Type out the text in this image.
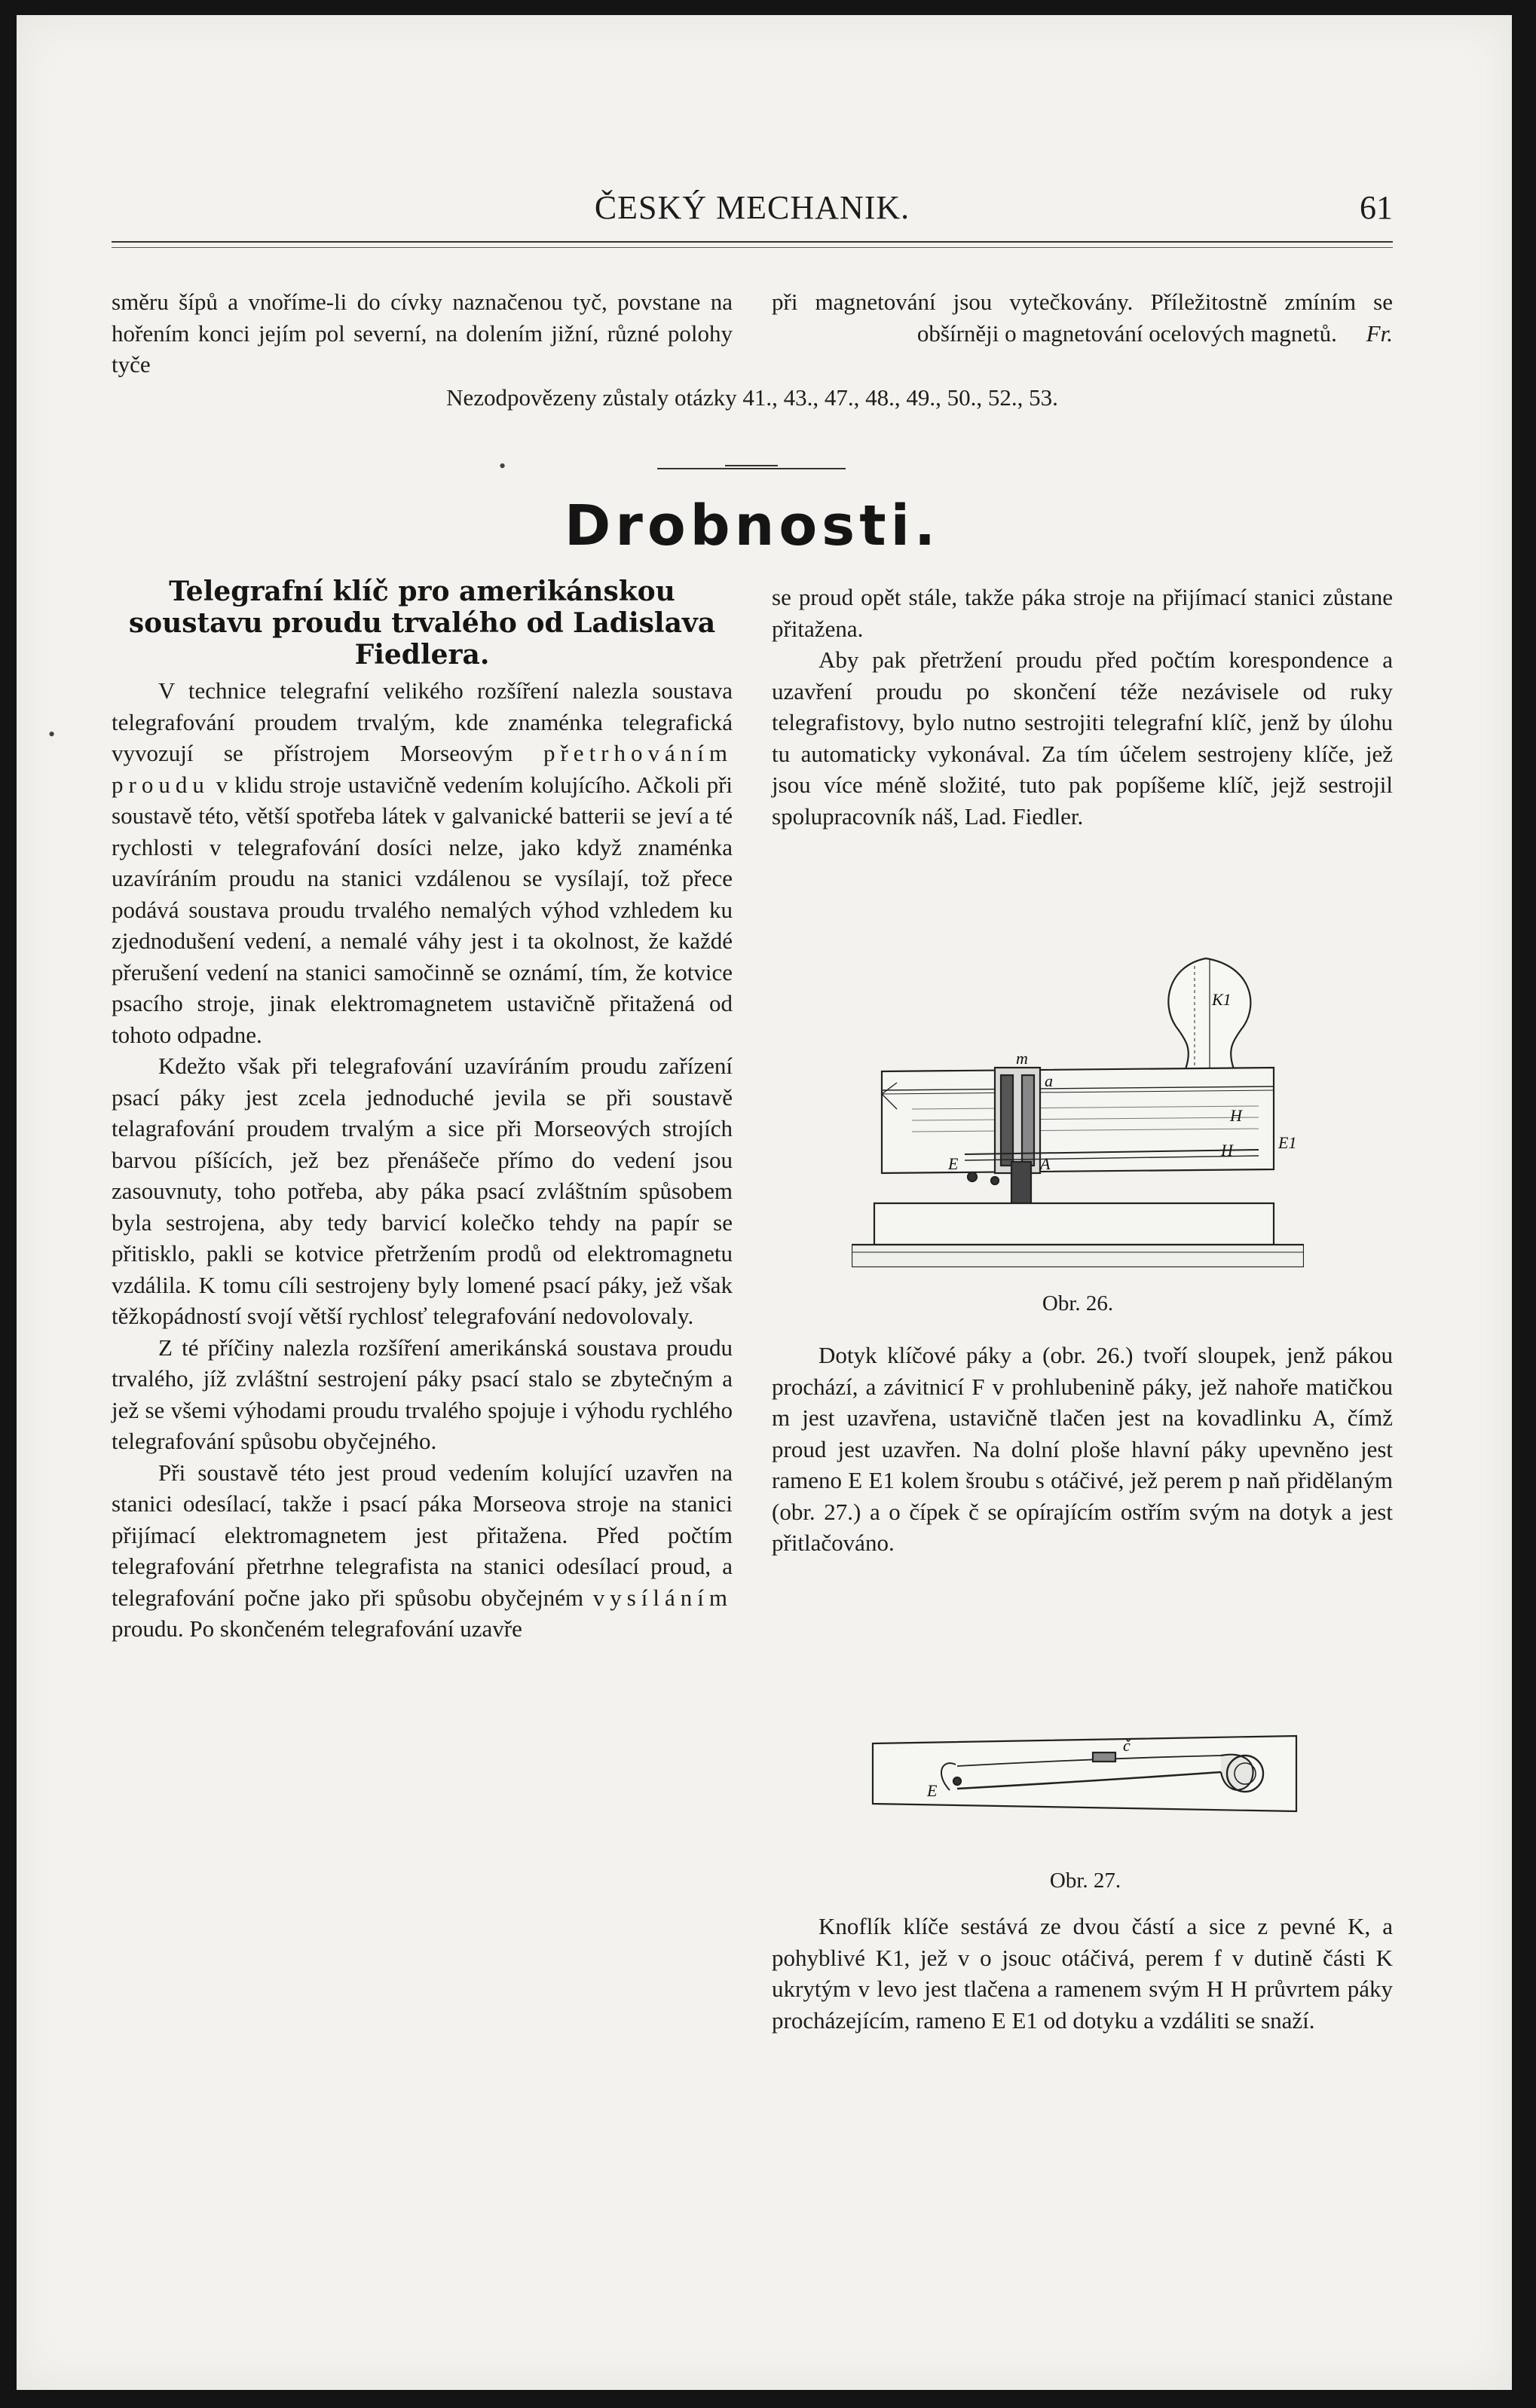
ČESKÝ MECHANIK.	61

směru šípů a vnoříme-li do cívky naznačenou tyč, povstane na hořením konci jejím pol severní, na dolením jižní, různé polohy tyče

při magnetování jsou vytečkovány. Příležitostně zmíním se obšírněji o magnetování ocelových magnetů. Fr.

Nezodpovězeny zůstaly otázky 41., 43., 47., 48., 49., 50., 52., 53.
Drobnosti.
Telegrafní klíč pro amerikánskou soustavu proudu trvalého od Ladislava Fiedlera.

V technice telegrafní velikého rozšíření nalezla soustava telegrafování proudem trvalým, kde znaménka telegrafická vyvozují se přístrojem Morseovým přetrhováním proudu v klidu stroje ustavičně vedením kolujícího. Ačkoli při soustavě této, větší spotřeba látek v galvanické batterii se jeví a té rychlosti v telegrafování dosíci nelze, jako když znaménka uzavíráním proudu na stanici vzdálenou se vysílají, tož přece podává soustava proudu trvalého nemalých výhod vzhledem ku zjednodušení vedení, a nemalé váhy jest i ta okolnost, že každé přerušení vedení na stanici samočinně se oznámí, tím, že kotvice psacího stroje, jinak elektromagnetem ustavičně přitažená od tohoto odpadne.

Kdežto však při telegrafování uzavíráním proudu zařízení psací páky jest zcela jednoduché jevila se při soustavě telagrafování proudem trvalým a sice při Morseových strojích barvou píšících, jež bez přenášeče přímo do vedení jsou zasouvnuty, toho potřeba, aby páka psací zvláštním spůsobem byla sestrojena, aby tedy barvicí kolečko tehdy na papír se přitisklo, pakli se kotvice přetržením prodů od elektromagnetu vzdálila. K tomu cíli sestrojeny byly lomené psací páky, jež však těžkopádností svojí větší rychlosť telegrafování nedovolovaly.

Z té příčiny nalezla rozšíření amerikánská soustava proudu trvalého, jíž zvláštní sestrojení páky psací stalo se zbytečným a jež se všemi výhodami proudu trvalého spojuje i výhodu rychlého telegrafování spůsobu obyčejného.

Při soustavě této jest proud vedením kolující uzavřen na stanici odesílací, takže i psací páka Morseova stroje na stanici přijímací elektromagnetem jest přitažena. Před počtím telegrafování přetrhne telegrafista na stanici odesílací proud, a telegrafování počne jako při spůsobu obyčejném vysíláním proudu. Po skončeném telegrafování uzavře

se proud opět stále, takže páka stroje na přijímací stanici zůstane přitažena.

Aby pak přetržení proudu před počtím korespondence a uzavření proudu po skončení téže nezávisele od ruky telegrafistovy, bylo nutno sestrojiti telegrafní klíč, jenž by úlohu tu automaticky vykonával. Za tím účelem sestrojeny klíče, jež jsou více méně složité, tuto pak popíšeme klíč, jejž sestrojil spolupracovník náš, Lad. Fiedler.

K1
H
H
E
E1
A
m
a
Obr. 26.

Dotyk klíčové páky a (obr. 26.) tvoří sloupek, jenž pákou prochází, a závitnicí F v prohlubenině páky, jež nahoře matičkou m jest uzavřena, ustavičně tlačen jest na kovadlinku A, čímž proud jest uzavřen. Na dolní ploše hlavní páky upevněno jest rameno E E1 kolem šroubu s otáčivé, jež perem p naň přidělaným (obr. 27.) a o čípek č se opírajícím ostřím svým na dotyk a jest přitlačováno.

E
č
Obr. 27.

Knoflík klíče sestává ze dvou částí a sice z pevné K, a pohyblivé K1, jež v o jsouc otáčivá, perem f v dutině části K ukrytým v levo jest tlačena a ramenem svým H H průvrtem páky procházejícím, rameno E E1 od dotyku a vzdáliti se snaží.

•
•
